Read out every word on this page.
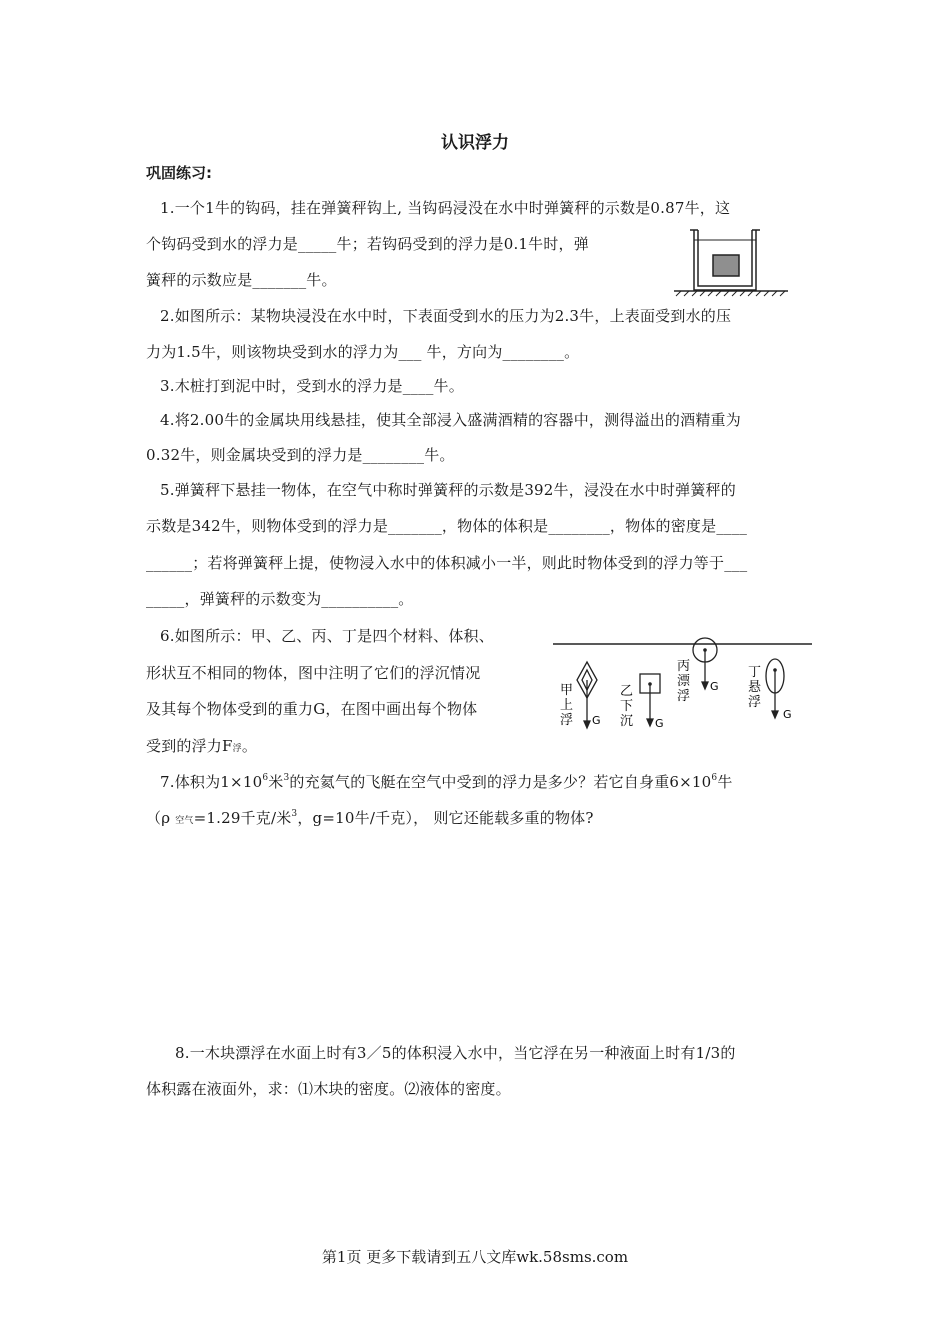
认识浮力
巩固练习:
1.一个1牛的钩码，挂在弹簧秤钩上, 当钩码浸没在水中时弹簧秤的示数是0.87牛，这
个钩码受到水的浮力是_____牛；若钩码受到的浮力是0.1牛时，弹
簧秤的示数应是_______牛。
2.如图所示：某物块浸没在水中时，下表面受到水的压力为2.3牛，上表面受到水的压
力为1.5牛，则该物块受到水的浮力为___ 牛，方向为________。
3.木桩打到泥中时，受到水的浮力是____牛。
4.将2.00牛的金属块用线悬挂，使其全部浸入盛满酒精的容器中，测得溢出的酒精重为
0.32牛，则金属块受到的浮力是________牛。
5.弹簧秤下悬挂一物体，在空气中称时弹簧秤的示数是392牛，浸没在水中时弹簧秤的
示数是342牛，则物体受到的浮力是_______，物体的体积是________，物体的密度是____
______；若将弹簧秤上提，使物浸入水中的体积减小一半，则此时物体受到的浮力等于___
_____，弹簧秤的示数变为__________。
6.如图所示：甲、乙、丙、丁是四个材料、体积、
形状互不相同的物体，图中注明了它们的浮沉情况
及其每个物体受到的重力G，在图中画出每个物体
受到的浮力F浮。
甲
上
浮 G
乙
下
沉 G
丙
漂
浮
G
丁
悬
浮
G
7.体积为$1\times 10^6$米$^3$的充氦气的飞艇在空气中受到的浮力是多少？若它自身重$6\times 10^6$牛
（ρ 空气=1.29千克/米$^3$，g=10牛/千克）， 则它还能载多重的物体?
8.一木块漂浮在水面上时有3／5的体积浸入水中，当它浮在另一种液面上时有1/3的
体积露在液面外，求：⑴木块的密度。⑵液体的密度。
第1页 更多下载请到五八文库wk.58sms.com
